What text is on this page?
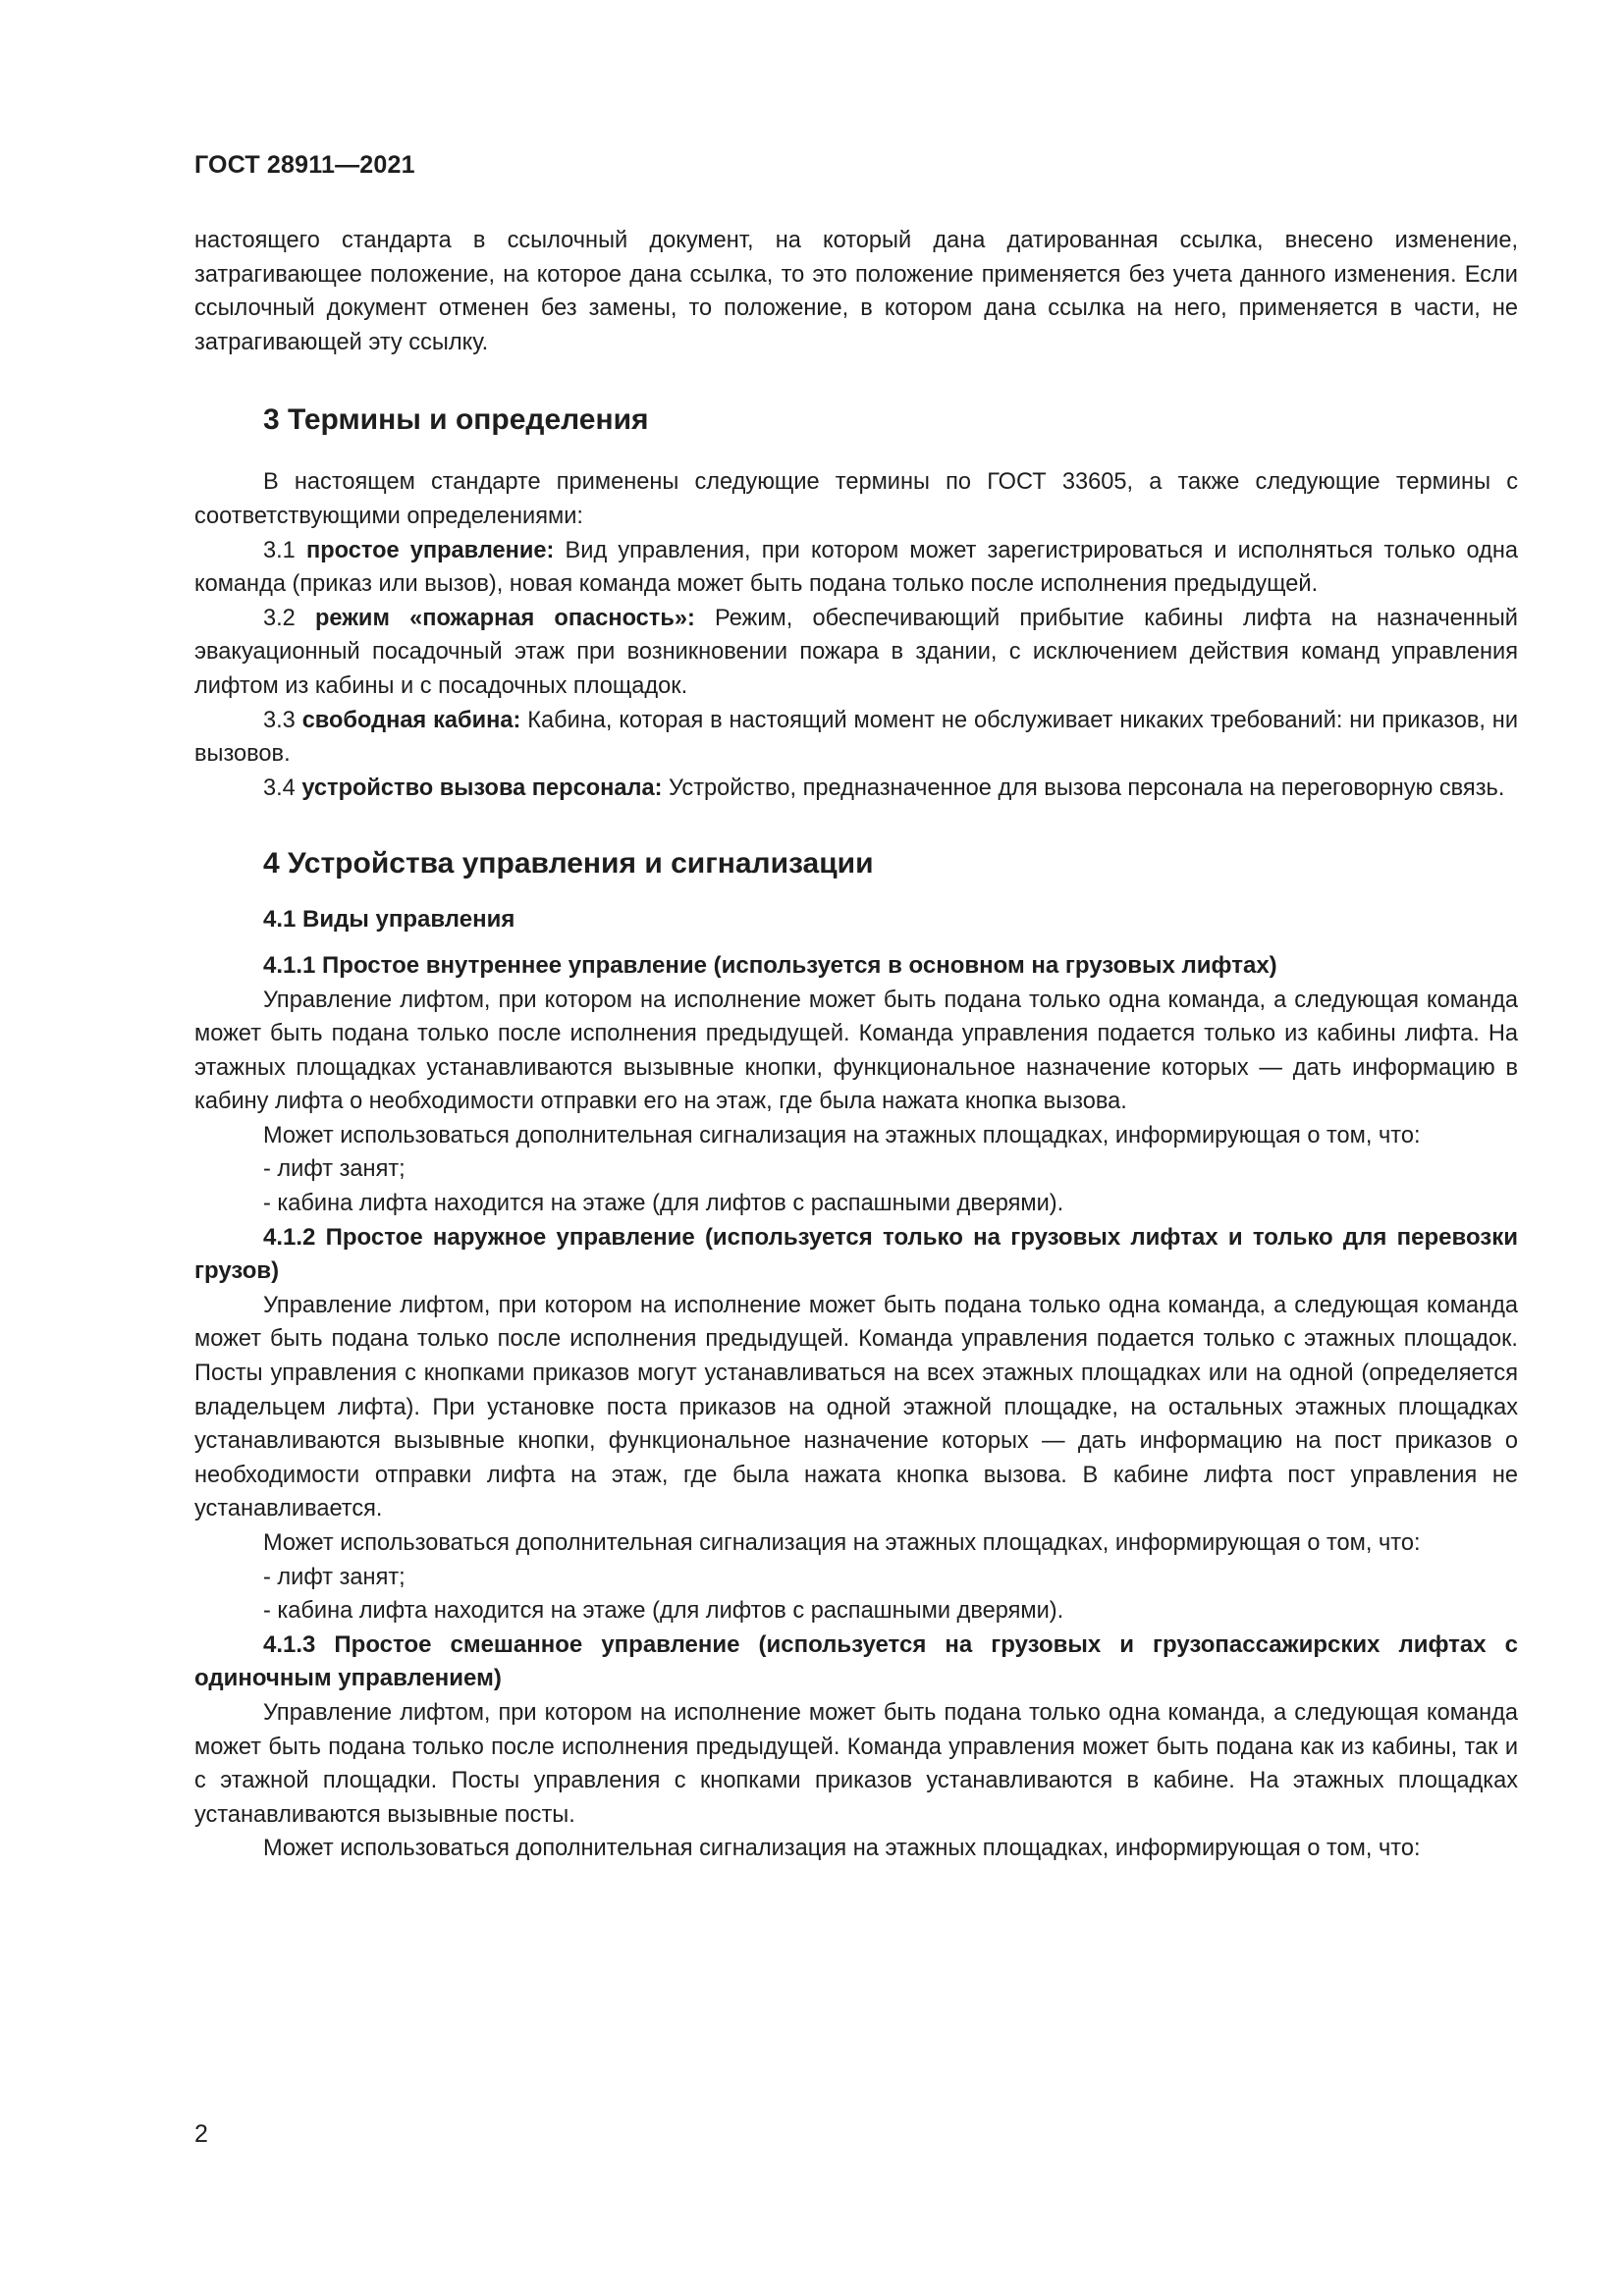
ГОСТ 28911—2021

настоящего стандарта в ссылочный документ, на который дана датированная ссылка, внесено изменение, затрагивающее положение, на которое дана ссылка, то это положение применяется без учета данного изменения. Если ссылочный документ отменен без замены, то положение, в котором дана ссылка на него, применяется в части, не затрагивающей эту ссылку.

3 Термины и определения

В настоящем стандарте применены следующие термины по ГОСТ 33605, а также следующие термины с соответствующими определениями:

3.1 простое управление: Вид управления, при котором может зарегистрироваться и исполняться только одна команда (приказ или вызов), новая команда может быть подана только после исполнения предыдущей.

3.2 режим «пожарная опасность»: Режим, обеспечивающий прибытие кабины лифта на назначенный эвакуационный посадочный этаж при возникновении пожара в здании, с исключением действия команд управления лифтом из кабины и с посадочных площадок.

3.3 свободная кабина: Кабина, которая в настоящий момент не обслуживает никаких требований: ни приказов, ни вызовов.

3.4 устройство вызова персонала: Устройство, предназначенное для вызова персонала на переговорную связь.

4 Устройства управления и сигнализации
4.1 Виды управления
4.1.1 Простое внутреннее управление (используется в основном на грузовых лифтах)

Управление лифтом, при котором на исполнение может быть подана только одна команда, а следующая команда может быть подана только после исполнения предыдущей. Команда управления подается только из кабины лифта. На этажных площадках устанавливаются вызывные кнопки, функциональное назначение которых — дать информацию в кабину лифта о необходимости отправки его на этаж, где была нажата кнопка вызова.

Может использоваться дополнительная сигнализация на этажных площадках, информирующая о том, что:

- лифт занят;

- кабина лифта находится на этаже (для лифтов с распашными дверями).

4.1.2 Простое наружное управление (используется только на грузовых лифтах и только для перевозки грузов)

Управление лифтом, при котором на исполнение может быть подана только одна команда, а следующая команда может быть подана только после исполнения предыдущей. Команда управления подается только с этажных площадок. Посты управления с кнопками приказов могут устанавливаться на всех этажных площадках или на одной (определяется владельцем лифта). При установке поста приказов на одной этажной площадке, на остальных этажных площадках устанавливаются вызывные кнопки, функциональное назначение которых — дать информацию на пост приказов о необходимости отправки лифта на этаж, где была нажата кнопка вызова. В кабине лифта пост управления не устанавливается.

Может использоваться дополнительная сигнализация на этажных площадках, информирующая о том, что:

- лифт занят;

- кабина лифта находится на этаже (для лифтов с распашными дверями).

4.1.3 Простое смешанное управление (используется на грузовых и грузопассажирских лифтах с одиночным управлением)

Управление лифтом, при котором на исполнение может быть подана только одна команда, а следующая команда может быть подана только после исполнения предыдущей. Команда управления может быть подана как из кабины, так и с этажной площадки. Посты управления с кнопками приказов устанавливаются в кабине. На этажных площадках устанавливаются вызывные посты.

Может использоваться дополнительная сигнализация на этажных площадках, информирующая о том, что:

2
